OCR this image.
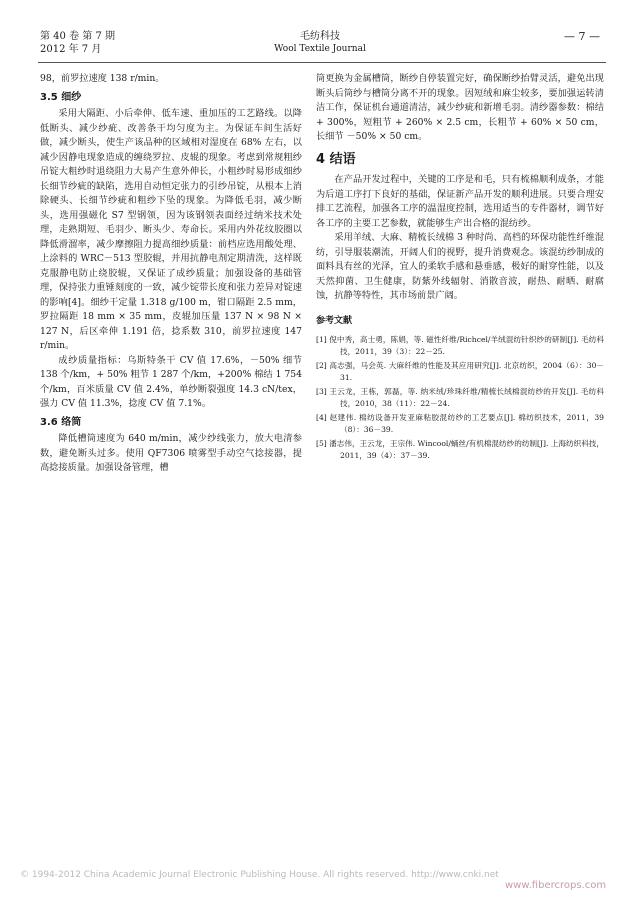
第 40 卷 第 7 期
2012 年 7 月
毛纺科技
Wool Textile Journal
— 7 —

98，前罗拉速度 138 r/min。

3.5 细纱

采用大隔距、小后牵伸、低车速、重加压的工艺路线。以降低断头、减少纱疵、改善条干均匀度为主。为保证车间生活好做，减少断头，使生产该品种的区域相对湿度在 68% 左右，以减少因静电现象造成的缠绕罗拉、皮辊的现象。考虑到常规粗纱吊锭大粗纱时退绕阻力大易产生意外伸长，小粗纱时易形成细纱长细节纱疵的缺陷，选用自动恒定张力的引纱吊锭，从根本上消除硬头、长细节纱疵和粗纱下坠的现象。为降低毛羽，减少断头，选用强磁化 S7 型钢领，因为该钢领表面经过纳米技术处理，走熟期短、毛羽少、断头少、寿命长。采用内外花纹胶圈以降低滑溜率，减少摩擦阻力提高细纱质量：前档应选用酸处理、上涂料的 WRC－513 型胶辊，并用抗静电剂定期清洗，这样既克服静电防止绕胶辊，又保证了成纱质量；加强设备的基础管理，保持张力重锤刻度的一致，减少锭带长度和张力差异对锭速的影响[4]。细纱干定量 1.318 g/100 m，钳口隔距 2.5 mm，罗拉隔距 18 mm × 35 mm，皮辊加压量 137 N × 98 N × 127 N，后区牵伸 1.191 倍，捻系数 310，前罗拉速度 147 r/min。

成纱质量指标：乌斯特条干 CV 值 17.6%，－50% 细节 138 个/km，+ 50% 粗节 1 287 个/km，+200% 棉结 1 754 个/km，百米质量 CV 值 2.4%，单纱断裂强度 14.3 cN/tex，强力 CV 值 11.3%，捻度 CV 值 7.1%。

3.6 络筒

降低槽筒速度为 640 m/min，减少纱线张力，放大电清参数，避免断头过多。使用 QF7306 喷雾型手动空气捻接器，提高捻接质量。加强设备管理，槽

筒更换为金属槽筒，断纱自停装置完好，确保断纱抬臂灵活，避免出现断头后筒纱与槽筒分离不开的现象。因短绒和麻尘较多，要加强运转清洁工作，保证机台通道清洁，减少纱疵和新增毛羽。清纱器参数：棉结 + 300%，短粗节 + 260% × 2.5 cm，长粗节 + 60% × 50 cm，长细节 －50% × 50 cm。

4 结语

在产品开发过程中，关键的工序是和毛，只有梳棉顺利成条，才能为后道工序打下良好的基础，保证新产品开发的顺利进展。只要合理安排工艺流程，加强各工序的温湿度控制，选用适当的专件器材，调节好各工序的主要工艺参数，就能够生产出合格的混纺纱。

采用羊绒、大麻、精梳长绒棉 3 种时尚、高档的环保功能性纤维混纺，引导服装潮流，开阔人们的视野，提升消费观念。该混纺纱制成的面料具有丝的光泽，宜人的柔软手感和悬垂感，极好的耐穿性能，以及天然抑菌、卫生健康，防紫外线辐射、消散音波，耐热、耐晒、耐腐蚀，抗静等特性，其市场前景广阔。

参考文献
[1] 倪中秀，高士勇，陈娟，等. 磁性纤维/Richcel/羊绒混纺针织纱的研制[J]. 毛纺科技，2011，39（3）：22－25.
[2] 高志强，马会英. 大麻纤维的性能及其应用研究[J]. 北京纺织，2004（6）：30－31.
[3] 王云龙，王栋，郭磊，等. 纳米绒/珍珠纤维/精梳长绒棉混纺纱的开发[J]. 毛纺科技，2010，38（11）：22－24.
[4] 赵建伟. 棉纺设备开发亚麻粘胶混纺纱的工艺要点[J]. 棉纺织技术，2011，39（8）：36－39.
[5] 潘志伟，王云龙，王宗伟. Wincool/蛹丝/有机棉混纺纱的纺制[J]. 上海纺织科技，2011，39（4）：37－39.
© 1994-2012 China Academic Journal Electronic Publishing House. All rights reserved. http://www.cnki.net
www.fibercrops.com
